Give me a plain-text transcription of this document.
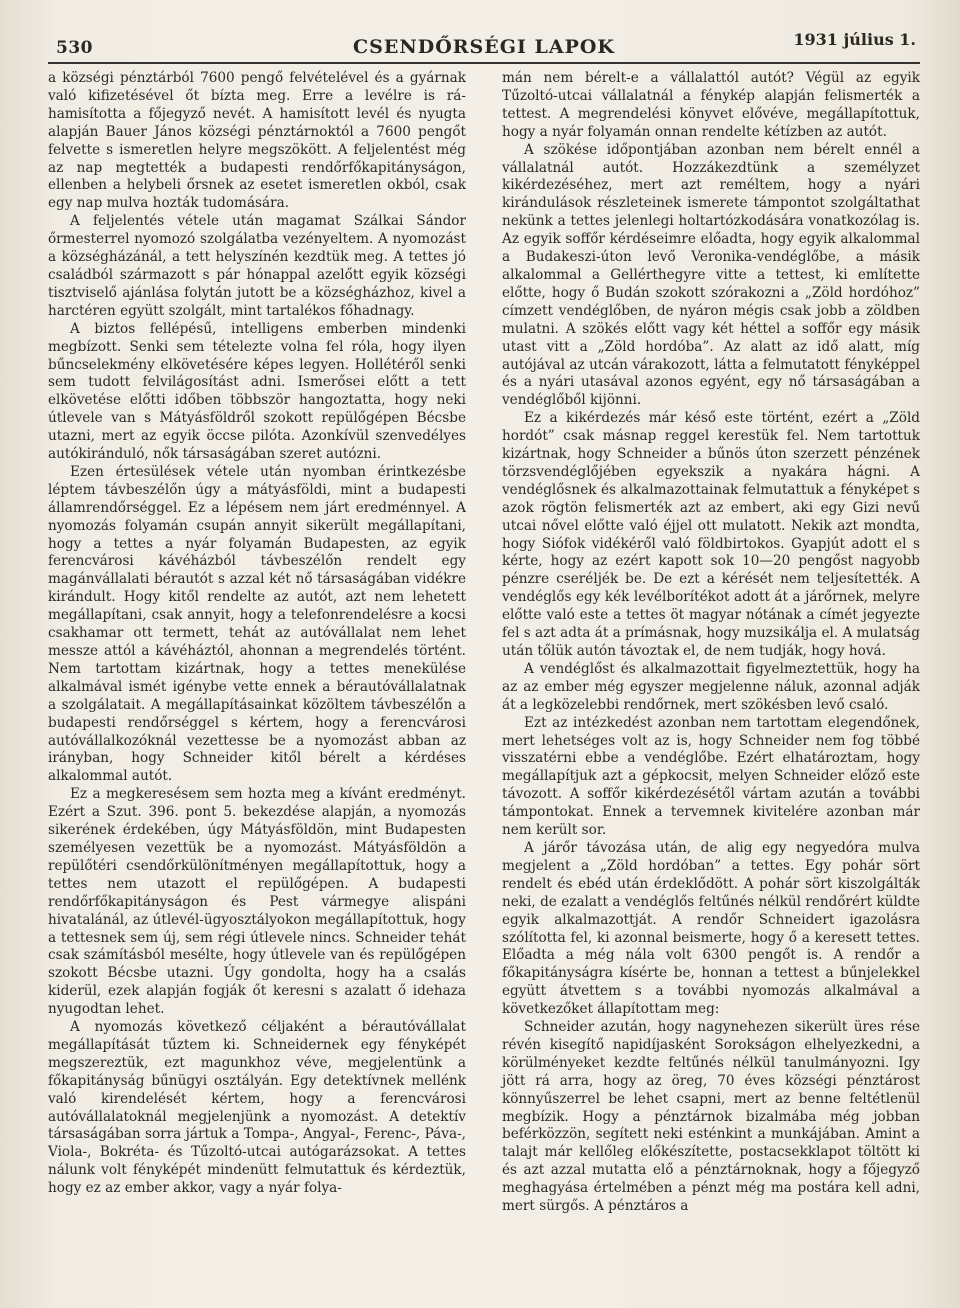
530	CSENDŐRSÉGI LAPOK	1931 július 1.

a községi pénztárból 7600 pengő felvételével és a gyárnak való kifizetésével őt bízta meg. Erre a levélre is rá-hamisította a főjegyző nevét. A hamisított levél és nyugta alapján Bauer János községi pénztárnoktól a 7600 pengőt felvette s ismeretlen helyre megszökött. A feljelentést még az nap megtették a budapesti rendőrfőkapitányságon, ellenben a helybeli őrsnek az esetet ismeretlen okból, csak egy nap mulva hozták tudomására.

A feljelentés vétele után magamat Szálkai Sándor őrmesterrel nyomozó szolgálatba vezényeltem. A nyomozást a községházánál, a tett helyszínén kezdtük meg. A tettes jó családból származott s pár hónappal azelőtt egyik községi tisztviselő ajánlása folytán jutott be a községházhoz, kivel a harctéren együtt szolgált, mint tartalékos főhadnagy.

A biztos fellépésű, intelligens emberben mindenki megbízott. Senki sem tételezte volna fel róla, hogy ilyen bűncselekmény elkövetésére képes legyen. Hollétéről senki sem tudott felvilágosítást adni. Ismerősei előtt a tett elkövetése előtti időben többször hangoztatta, hogy neki útlevele van s Mátyásföldről szokott repülőgépen Bécsbe utazni, mert az egyik öccse pilóta. Azonkívül szenvedélyes autókiránduló, nők társaságában szeret autózni.

Ezen értesülések vétele után nyomban érintkezésbe léptem távbeszélőn úgy a mátyásföldi, mint a budapesti államrendőrséggel. Ez a lépésem nem járt eredménnyel. A nyomozás folyamán csupán annyit sikerült megállapítani, hogy a tettes a nyár folyamán Budapesten, az egyik ferencvárosi kávéházból távbeszélőn rendelt egy magánvállalati bérautót s azzal két nő társaságában vidékre kirándult. Hogy kitől rendelte az autót, azt nem lehetett megállapítani, csak annyit, hogy a telefonrendelésre a kocsi csakhamar ott termett, tehát az autóvállalat nem lehet messze attól a kávéháztól, ahonnan a megrendelés történt. Nem tartottam kizártnak, hogy a tettes menekülése alkalmával ismét igénybe vette ennek a bérautóvállalatnak a szolgálatait. A megállapításainkat közöltem távbeszélőn a budapesti rendőrséggel s kértem, hogy a ferencvárosi autóvállalkozóknál vezettesse be a nyomozást abban az irányban, hogy Schneider kitől bérelt a kérdéses alkalommal autót.

Ez a megkeresésem sem hozta meg a kívánt eredményt. Ezért a Szut. 396. pont 5. bekezdése alapján, a nyomozás sikerének érdekében, úgy Mátyásföldön, mint Budapesten személyesen vezettük be a nyomozást. Mátyásföldön a repülőtéri csendőrkülönítményen megállapítottuk, hogy a tettes nem utazott el repülőgépen. A budapesti rendőrfőkapitányságon és Pest vármegye alispáni hivatalánál, az útlevél-ügyosztályokon megállapítottuk, hogy a tettesnek sem új, sem régi útlevele nincs. Schneider tehát csak számításból mesélte, hogy útlevele van és repülőgépen szokott Bécsbe utazni. Úgy gondolta, hogy ha a csalás kiderül, ezek alapján fogják őt keresni s azalatt ő idehaza nyugodtan lehet.

A nyomozás következő céljaként a bérautóvállalat megállapítását tűztem ki. Schneidernek egy fényképét megszereztük, ezt magunkhoz véve, megjelentünk a főkapitányság bűnügyi osztályán. Egy detektívnek mellénk való kirendelését kértem, hogy a ferencvárosi autóvállalatoknál megjelenjünk a nyomozást. A detektív társaságában sorra jártuk a Tompa-, Angyal-, Ferenc-, Páva-, Viola-, Bokréta- és Tűzoltó-utcai autógarázsokat. A tettes nálunk volt fényképét mindenütt felmutattuk és kérdeztük, hogy ez az ember akkor, vagy a nyár folya-

mán nem bérelt-e a vállalattól autót? Végül az egyik Tűzoltó-utcai vállalatnál a fénykép alapján felismerték a tettest. A megrendelési könyvet elővéve, megállapítottuk, hogy a nyár folyamán onnan rendelte kétízben az autót.

A szökése időpontjában azonban nem bérelt ennél a vállalatnál autót. Hozzákezdtünk a személyzet kikérdezéséhez, mert azt reméltem, hogy a nyári kirándulások részleteinek ismerete támpontot szolgáltathat nekünk a tettes jelenlegi holtartózkodására vonatkozólag is. Az egyik soffőr kérdéseimre előadta, hogy egyik alkalommal a Budakeszi-úton levő Veronika-vendéglőbe, a másik alkalommal a Gellérthegyre vitte a tettest, ki említette előtte, hogy ő Budán szokott szórakozni a „Zöld hordóhoz” címzett vendéglőben, de nyáron mégis csak jobb a zöldben mulatni. A szökés előtt vagy két héttel a soffőr egy másik utast vitt a „Zöld hordóba”. Az alatt az idő alatt, míg autójával az utcán várakozott, látta a felmutatott fényképpel és a nyári utasával azonos egyént, egy nő társaságában a vendéglőből kijönni.

Ez a kikérdezés már késő este történt, ezért a „Zöld hordót” csak másnap reggel kerestük fel. Nem tartottuk kizártnak, hogy Schneider a bűnös úton szerzett pénzének törzsvendéglőjében egyekszik a nyakára hágni. A vendéglősnek és alkalmazottainak felmutattuk a fényképet s azok rögtön felismerték azt az embert, aki egy Gizi nevű utcai nővel előtte való éjjel ott mulatott. Nekik azt mondta, hogy Siófok vidékéről való földbirtokos. Gyapjút adott el s kérte, hogy az ezért kapott sok 10—20 pengőst nagyobb pénzre cseréljék be. De ezt a kérését nem teljesítették. A vendéglős egy kék levélborítékot adott át a járőrnek, melyre előtte való este a tettes öt magyar nótának a címét jegyezte fel s azt adta át a prímásnak, hogy muzsikálja el. A mulatság után tőlük autón távoztak el, de nem tudják, hogy hová.

A vendéglőst és alkalmazottait figyelmeztettük, hogy ha az az ember még egyszer megjelenne náluk, azonnal adják át a legközelebbi rendőrnek, mert szökésben levő csaló.

Ezt az intézkedést azonban nem tartottam elegendőnek, mert lehetséges volt az is, hogy Schneider nem fog többé visszatérni ebbe a vendéglőbe. Ezért elhatároztam, hogy megállapítjuk azt a gépkocsit, melyen Schneider előző este távozott. A soffőr kikérdezésétől vártam azután a további támpontokat. Ennek a tervemnek kivitelére azonban már nem került sor.

A járőr távozása után, de alig egy negyedóra mulva megjelent a „Zöld hordóban” a tettes. Egy pohár sört rendelt és ebéd után érdeklődött. A pohár sört kiszolgálták neki, de ezalatt a vendéglős feltűnés nélkül rendőrért küldte egyik alkalmazottját. A rendőr Schneidert igazolásra szólította fel, ki azonnal beismerte, hogy ő a keresett tettes. Előadta a még nála volt 6300 pengőt is. A rendőr a főkapitányságra kísérte be, honnan a tettest a bűnjelekkel együtt átvettem s a további nyomozás alkalmával a következőket állapítottam meg:

Schneider azután, hogy nagynehezen sikerült üres rése révén kisegítő napidíjasként Sorokságon elhelyezkedni, a körülményeket kezdte feltűnés nélkül tanulmányozni. Igy jött rá arra, hogy az öreg, 70 éves községi pénztárost könnyűszerrel be lehet csapni, mert az benne feltétlenül megbízik. Hogy a pénztárnok bizalmába még jobban beférközzön, segített neki esténkint a munkájában. Amint a talajt már kellőleg előkészítette, postacsekklapot töltött ki és azt azzal mutatta elő a pénztárnoknak, hogy a főjegyző meghagyása értelmében a pénzt még ma postára kell adni, mert sürgős. A pénztáros a
